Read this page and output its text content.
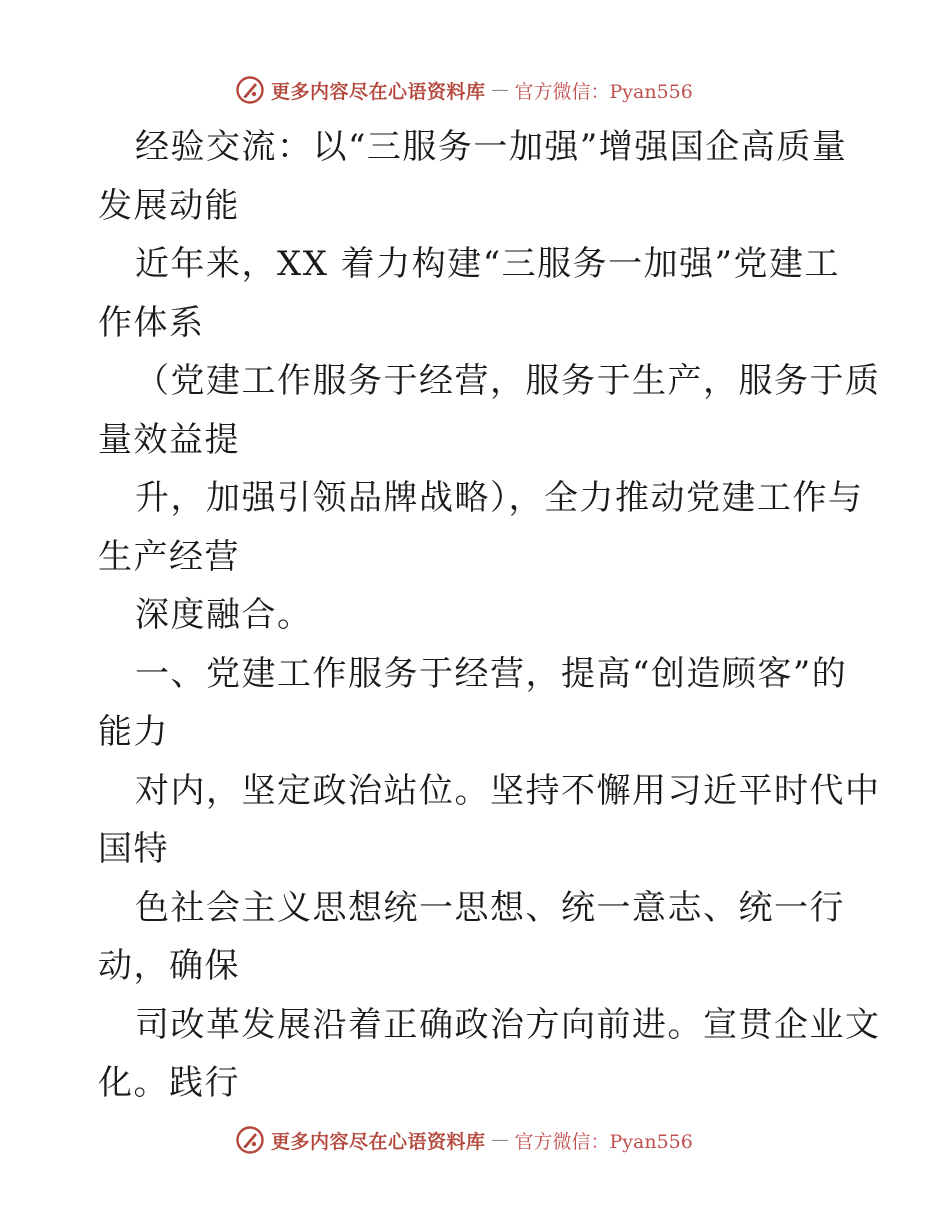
更多内容尽在心语资料库 — 官方微信：Pyan556
经验交流：以“三服务一加强”增强国企高质量
发展动能
近年来，XX 着力构建“三服务一加强”党建工
作体系
（党建工作服务于经营，服务于生产，服务于质
量效益提
升，加强引领品牌战略），全力推动党建工作与
生产经营
深度融合。
一、党建工作服务于经营，提高“创造顾客”的
能力
对内，坚定政治站位。坚持不懈用习近平时代中
国特
色社会主义思想统一思想、统一意志、统一行
动，确保
司改革发展沿着正确政治方向前进。宣贯企业文
化。践行
更多内容尽在心语资料库 — 官方微信：Pyan556
